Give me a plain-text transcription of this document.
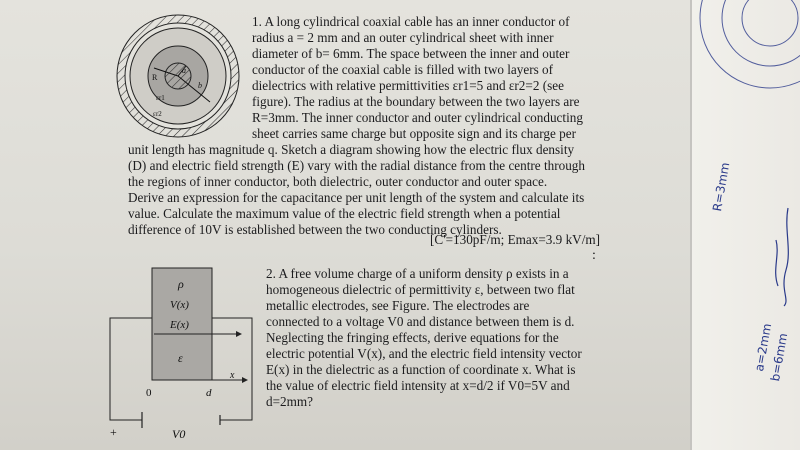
R
a
b
εr1
εr2
1. A long cylindrical coaxial cable has an inner conductor of
radius a = 2 mm and an outer cylindrical sheet with inner
diameter of b= 6mm. The space between the inner and outer
conductor of the coaxial cable is filled with two layers of
dielectrics with relative permittivities εr1=5 and εr2=2 (see
figure). The radius at the boundary between the two layers are
R=3mm. The inner conductor and outer cylindrical conducting
sheet carries same charge but opposite sign and its charge per
unit length has magnitude q. Sketch a diagram showing how the electric flux density
(D) and electric field strength (E) vary with the radial distance from the centre through
the regions of inner conductor, both dielectric, outer conductor and outer space.
Derive an expression for the capacitance per unit length of the system and calculate its
value. Calculate the maximum value of the electric field strength when a potential
difference of 10V is established between the two conducting cylinders.
[C'=130pF/m; Emax=3.9 kV/m]
:
ρ
V(x)
E(x)
ε
x
0	d
+	V0
2. A free volume charge of a uniform density ρ exists in a
homogeneous dielectric of permittivity ε, between two flat
metallic electrodes, see Figure. The electrodes are
connected to a voltage V0 and distance between them is d.
Neglecting the fringing effects, derive equations for the
electric potential V(x), and the electric field intensity vector
E(x) in the dielectric as a function of coordinate x. What is
the value of electric field intensity at x=d/2 if V0=5V and
d=2mm?
R=3mm
a=2mm
b=6mm
